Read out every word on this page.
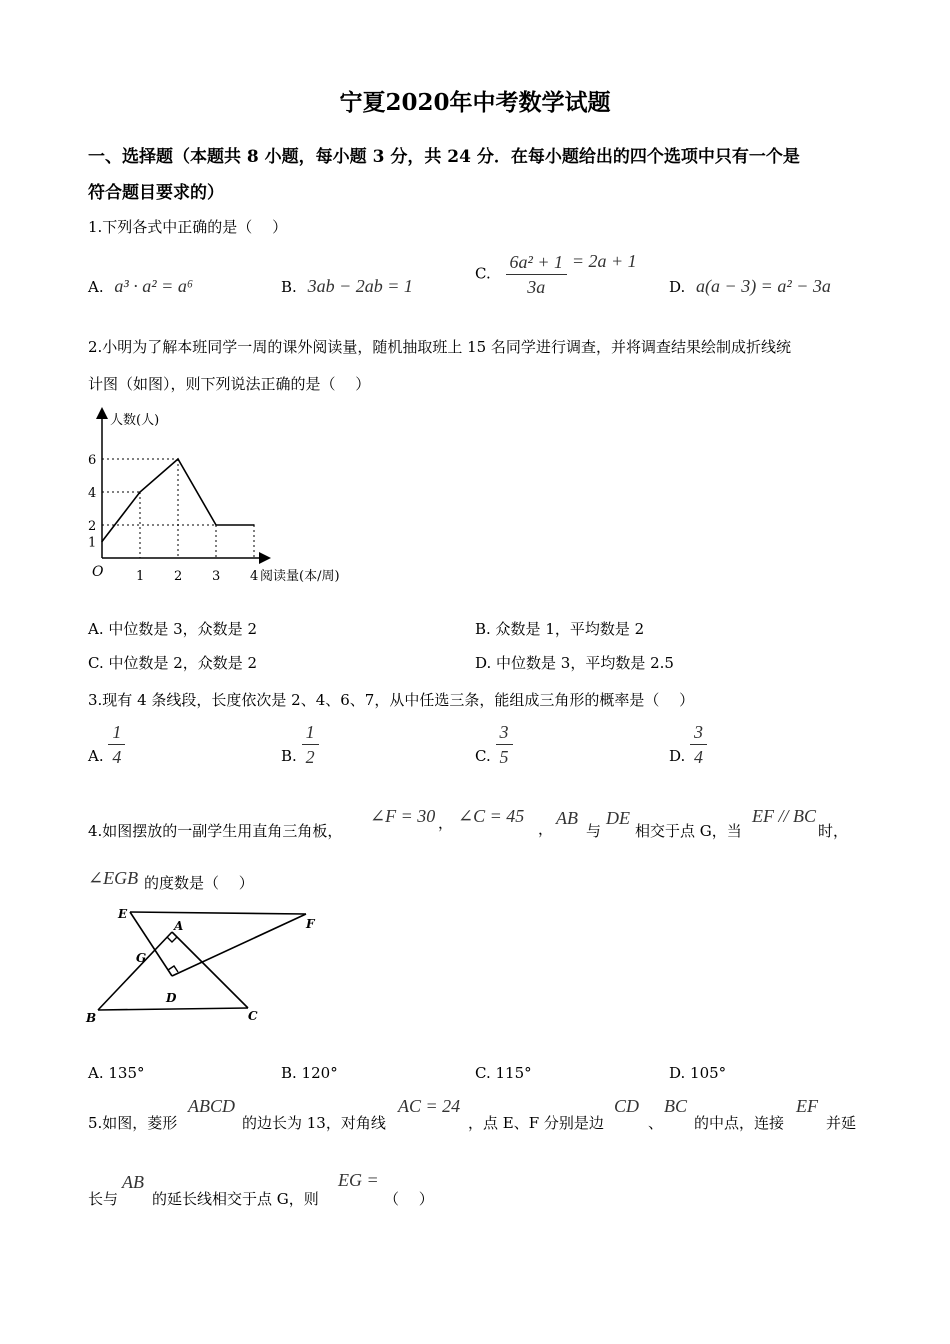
宁夏2020年中考数学试题
一、选择题（本题共 8 小题，每小题 3 分，共 24 分．在每小题给出的四个选项中只有一个是
符合题目要求的）
1.下列各式中正确的是（　 ）
A. a³ · a² = a⁶	B. 3ab − 2ab = 1
C. $\frac{\text{6a² + 1}}{3a} = 2a + 1$
D. a(a − 3) = a² − 3a
2.小明为了解本班同学一周的课外阅读量，随机抽取班上 15 名同学进行调查，并将调查结果绘制成折线统
计图（如图），则下列说法正确的是（　 ）
1 2 3 4
1
2
4
6
人数(人)
阅读量(本/周)
O
A. 中位数是 3，众数是 2	B. 众数是 1，平均数是 2
C. 中位数是 2，众数是 2	D. 中位数是 3，平均数是 2.5
3.现有 4 条线段，长度依次是 2、4、6、7，从中任选三条，能组成三角形的概率是（　 ）
A. $\frac{1}{4}$	B. $\frac{1}{2}$	C. $\frac{3}{5}$	D. $\frac{3}{4}$
4.如图摆放的一副学生用直角三角板，
∠F = 30 ， ∠C = 45
，
AB
与
DE
相交于点 G，当
EF // BC
时，
∠EGB 的度数是（　 ）
E
F
A
G
D
B	C
A. 135°	B. 120°	C. 115°	D. 105°
5.如图，菱形
ABCD
的边长为 13，对角线
AC = 24
，点 E、F 分别是边
CD
、
BC
的中点，连接
EF
并延
长与
AB
的延长线相交于点 G，则
EG =
（　 ）
